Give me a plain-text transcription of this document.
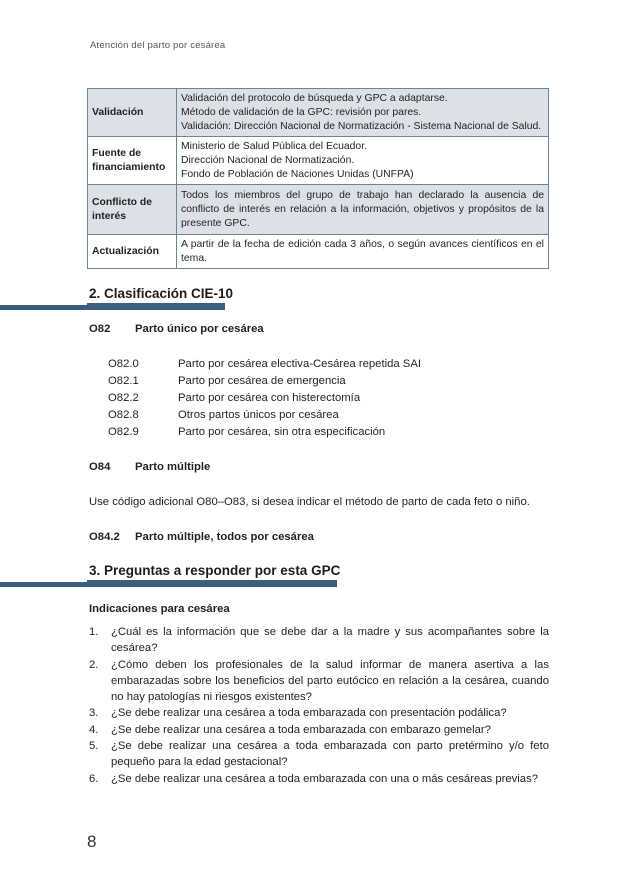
Atención del parto por cesárea
Validación	Validación del protocolo de búsqueda y GPC a adaptarse.
Método de validación de la GPC: revisión por pares.
Validación: Dirección Nacional de Normatización - Sistema Nacional de Salud.

Fuente de financiamiento	Ministerio de Salud Pública del Ecuador.
Dirección Nacional de Normatización.
Fondo de Población de Naciones Unidas (UNFPA)

Conflicto de interés	Todos los miembros del grupo de trabajo han declarado la ausencia de conflicto de interés en relación a la información, objetivos y propósitos de la presente GPC.

Actualización	A partir de la fecha de edición cada 3 años, o según avances científicos en el tema.
2. Clasificación CIE-10
O82 Parto único por cesárea
O82.0	Parto por cesárea electiva-Cesárea repetida SAI
O82.1	Parto por cesárea de emergencia
O82.2	Parto por cesárea con histerectomía
O82.8	Otros partos únicos por cesárea
O82.9	Parto por cesárea, sin otra especificación
O84 Parto múltiple
Use código adicional O80–O83, si desea indicar el método de parto de cada feto o niño.
O84.2 Parto múltiple, todos por cesárea
3. Preguntas a responder por esta GPC
Indicaciones para cesárea
1.	¿Cuál es la información que se debe dar a la madre y sus acompañantes sobre la cesárea?
2.	¿Cómo deben los profesionales de la salud informar de manera asertiva a las embarazadas sobre los beneficios del parto eutócico en relación a la cesárea, cuando no hay patologías ni riesgos existentes?
3.	¿Se debe realizar una cesárea a toda embarazada con presentación podálica?
4.	¿Se debe realizar una cesárea a toda embarazada con embarazo gemelar?
5.	¿Se debe realizar una cesárea a toda embarazada con parto pretérmino y/o feto pequeño para la edad gestacional?
6.	¿Se debe realizar una cesárea a toda embarazada con una o más cesáreas previas?
8
